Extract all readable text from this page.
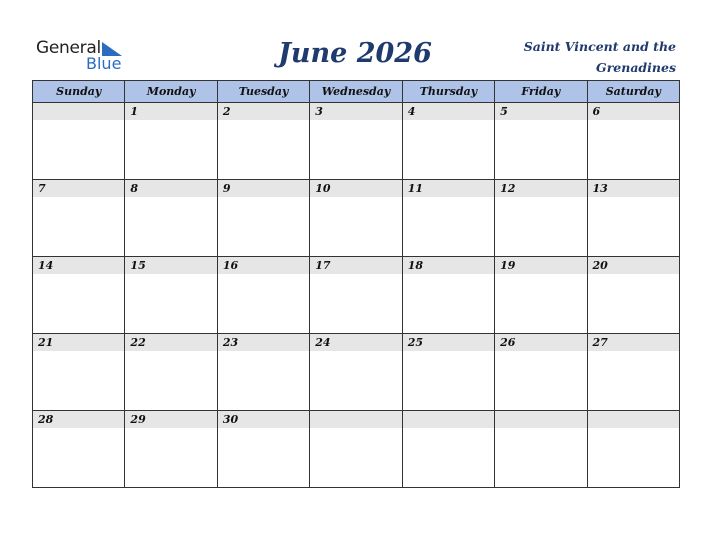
General
Blue	June 2026	Saint Vincent and the Grenadines
Sunday	Monday	Tuesday	Wednesday	Thursday	Friday	Saturday

	1	2	3	4	5	6

7	8	9	10	11	12	13

14	15	16	17	18	19	20

21	22	23	24	25	26	27

28	29	30				
